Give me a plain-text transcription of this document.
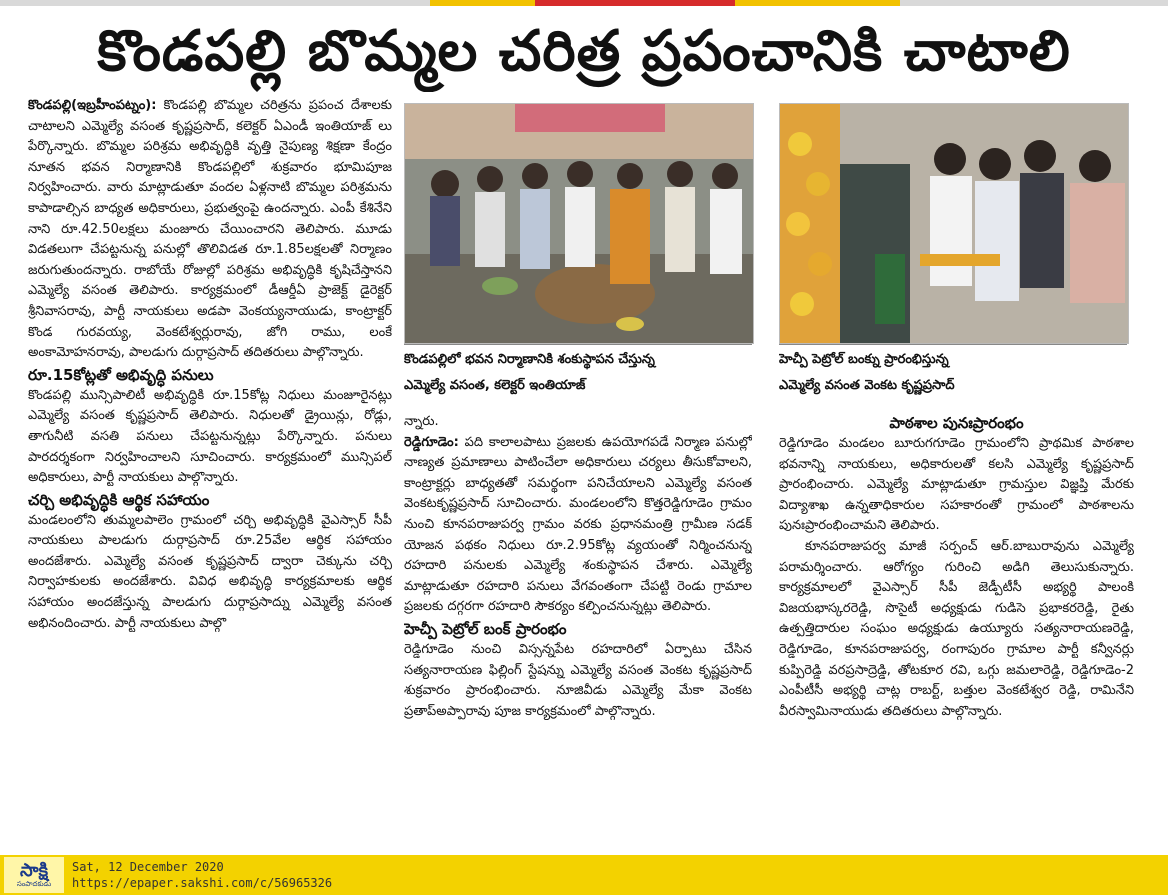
కొండపల్లి బొమ్మల చరిత్ర ప్రపంచానికి చాటాలి

కొండపల్లి(ఇబ్రహీంపట్నం): కొండపల్లి బొమ్మల చరిత్రను ప్రపంచ దేశాలకు చాటాలని ఎమ్మెల్యే వసంత కృష్ణప్రసాద్, కలెక్టర్ ఏఎండీ ఇంతియాజ్ లు పేర్కొన్నారు. బొమ్మల పరిశ్రమ అభివృద్ధికి వృత్తి నైపుణ్య శిక్షణా కేంద్రం నూతన భవన నిర్మాణానికి కొండపల్లిలో శుక్రవారం భూమిపూజ నిర్వహించారు. వారు మాట్లాడుతూ వందల ఏళ్లనాటి బొమ్మల పరిశ్రమను కాపాడాల్సిన బాధ్యత అధికారులు, ప్రభుత్వంపై ఉందన్నారు. ఎంపీ కేశినేని నాని రూ.42.50లక్షలు మంజూరు చేయించారని తెలిపారు. మూడు విడతలుగా చేపట్టనున్న పనుల్లో తొలివిడత రూ.1.85లక్షలతో నిర్మాణం జరుగుతుందన్నారు. రాబోయే రోజుల్లో పరిశ్రమ అభివృద్ధికి కృషిచేస్తానని ఎమ్మెల్యే వసంత తెలిపారు. కార్యక్రమంలో డీఆర్డీఏ ప్రాజెక్ట్ డైరెక్టర్ శ్రీనివాసరావు, పార్టీ నాయకులు అడపా వెంకయ్యనాయుడు, కాంట్రాక్టర్ కొండ గురవయ్య, వెంకటేశ్వర్లురావు, జోగి రాము, లంకే అంకామోహనరావు, పాలడుగు దుర్గాప్రసాద్ తదితరులు పాల్గొన్నారు.

రూ.15కోట్లతో అభివృద్ధి పనులు

కొండపల్లి మున్సిపాలిటీ అభివృద్ధికి రూ.15కోట్ల నిధులు మంజూరైనట్లు ఎమ్మెల్యే వసంత కృష్ణప్రసాద్ తెలిపారు. నిధులతో డ్రైయిన్లు, రోడ్లు, తాగునీటి వసతి పనులు చేపట్టనున్నట్లు పేర్కొన్నారు. పనులు పారదర్శకంగా నిర్వహించాలని సూచించారు. కార్యక్రమంలో మున్సిపల్ అధికారులు, పార్టీ నాయకులు పాల్గొన్నారు.

చర్చి అభివృద్ధికి ఆర్థిక సహాయం

మండలంలోని తుమ్మలపాలెం గ్రామంలో చర్చి అభివృద్ధికి వైఎస్సార్ సీపీ నాయకులు పాలడుగు దుర్గాప్రసాద్ రూ.25వేల ఆర్థిక సహాయం అందజేశారు. ఎమ్మెల్యే వసంత కృష్ణప్రసాద్ ద్వారా చెక్కును చర్చి నిర్వాహకులకు అందజేశారు. వివిధ అభివృద్ధి కార్యక్రమాలకు ఆర్థిక సహాయం అందజేస్తున్న పాలడుగు దుర్గాప్రసాద్ను ఎమ్మెల్యే వసంత అభినందించారు. పార్టీ నాయకులు పాల్గొ

కొండపల్లిలో భవన నిర్మాణానికి శంకుస్థాపన చేస్తున్న
ఎమ్మెల్యే వసంత, కలెక్టర్ ఇంతియాజ్

న్నారు.

రెడ్డిగూడెం: పది కాలాలపాటు ప్రజలకు ఉపయోగపడే నిర్మాణ పనుల్లో నాణ్యత ప్రమాణాలు పాటించేలా అధికారులు చర్యలు తీసుకోవాలని, కాంట్రాక్టర్లు బాధ్యతతో సమర్థంగా పనిచేయాలని ఎమ్మెల్యే వసంత వెంకటకృష్ణప్రసాద్ సూచించారు. మండలంలోని కొత్తరెడ్డిగూడెం గ్రామం నుంచి కూనపరాజుపర్వ గ్రామం వరకు ప్రధానమంత్రి గ్రామీణ సడక్ యోజన పథకం నిధులు రూ.2.95కోట్ల వ్యయంతో నిర్మించనున్న రహదారి పనులకు ఎమ్మెల్యే శంకుస్థాపన చేశారు. ఎమ్మెల్యే మాట్లాడుతూ రహదారి పనులు వేగవంతంగా చేపట్టి రెండు గ్రామాల ప్రజలకు దగ్గరగా రహదారి సౌకర్యం కల్పించనున్నట్లు తెలిపారు.

హెచ్పీ పెట్రోల్ బంక్ ప్రారంభం

రెడ్డిగూడెం నుంచి విస్సన్నపేట రహదారిలో ఏర్పాటు చేసిన సత్యనారాయణ ఫిల్లింగ్ స్టేషన్ను ఎమ్మెల్యే వసంత వెంకట కృష్ణప్రసాద్ శుక్రవారం ప్రారంభించారు. నూజివీడు ఎమ్మెల్యే మేకా వెంకట ప్రతాప్అప్పారావు పూజ కార్యక్రమంలో పాల్గొన్నారు.

హెచ్పీ పెట్రోల్ బంక్ను ప్రారంభిస్తున్న
ఎమ్మెల్యే వసంత వెంకట కృష్ణప్రసాద్

పాఠశాల పునఃప్రారంభం

రెడ్డిగూడెం మండలం బూరుగగూడెం గ్రామంలోని ప్రాథమిక పాఠశాల భవనాన్ని నాయకులు, అధికారులతో కలసి ఎమ్మెల్యే కృష్ణప్రసాద్ ప్రారంభించారు. ఎమ్మెల్యే మాట్లాడుతూ గ్రామస్తుల విజ్ఞప్తి మేరకు విద్యాశాఖ ఉన్నతాధికారుల సహకారంతో గ్రామంలో పాఠశాలను పునఃప్రారంభించామని తెలిపారు.

కూనపరాజుపర్వ మాజీ సర్పంచ్ ఆర్.బాబురావును ఎమ్మెల్యే పరామర్శించారు. ఆరోగ్యం గురించి అడిగి తెలుసుకున్నారు. కార్యక్రమాలలో వైఎస్సార్ సీపీ జెడ్పీటీసీ అభ్యర్థి పాలంకి విజయభాస్కరరెడ్డి, సొసైటీ అధ్యక్షుడు గుడిసె ప్రభాకరరెడ్డి, రైతు ఉత్పత్తిదారుల సంఘం అధ్యక్షుడు ఉయ్యూరు సత్యనారాయణరెడ్డి, రెడ్డిగూడెం, కూనపరాజుపర్వ, రంగాపురం గ్రామాల పార్టీ కన్వీనర్లు కుప్పిరెడ్డి వరప్రసాద్రెడ్డి, తోటకూర రవి, ఒగ్గు జమలారెడ్డి, రెడ్డిగూడెం-2 ఎంపీటీసీ అభ్యర్థి చాట్ల రాబర్ట్, బత్తుల వెంకటేశ్వర రెడ్డి, రామినేని వీరస్వామినాయుడు తదితరులు పాల్గొన్నారు.

సాక్షి
సంపాదకుడు
Sat, 12 December 2020
https://epaper.sakshi.com/c/56965326
